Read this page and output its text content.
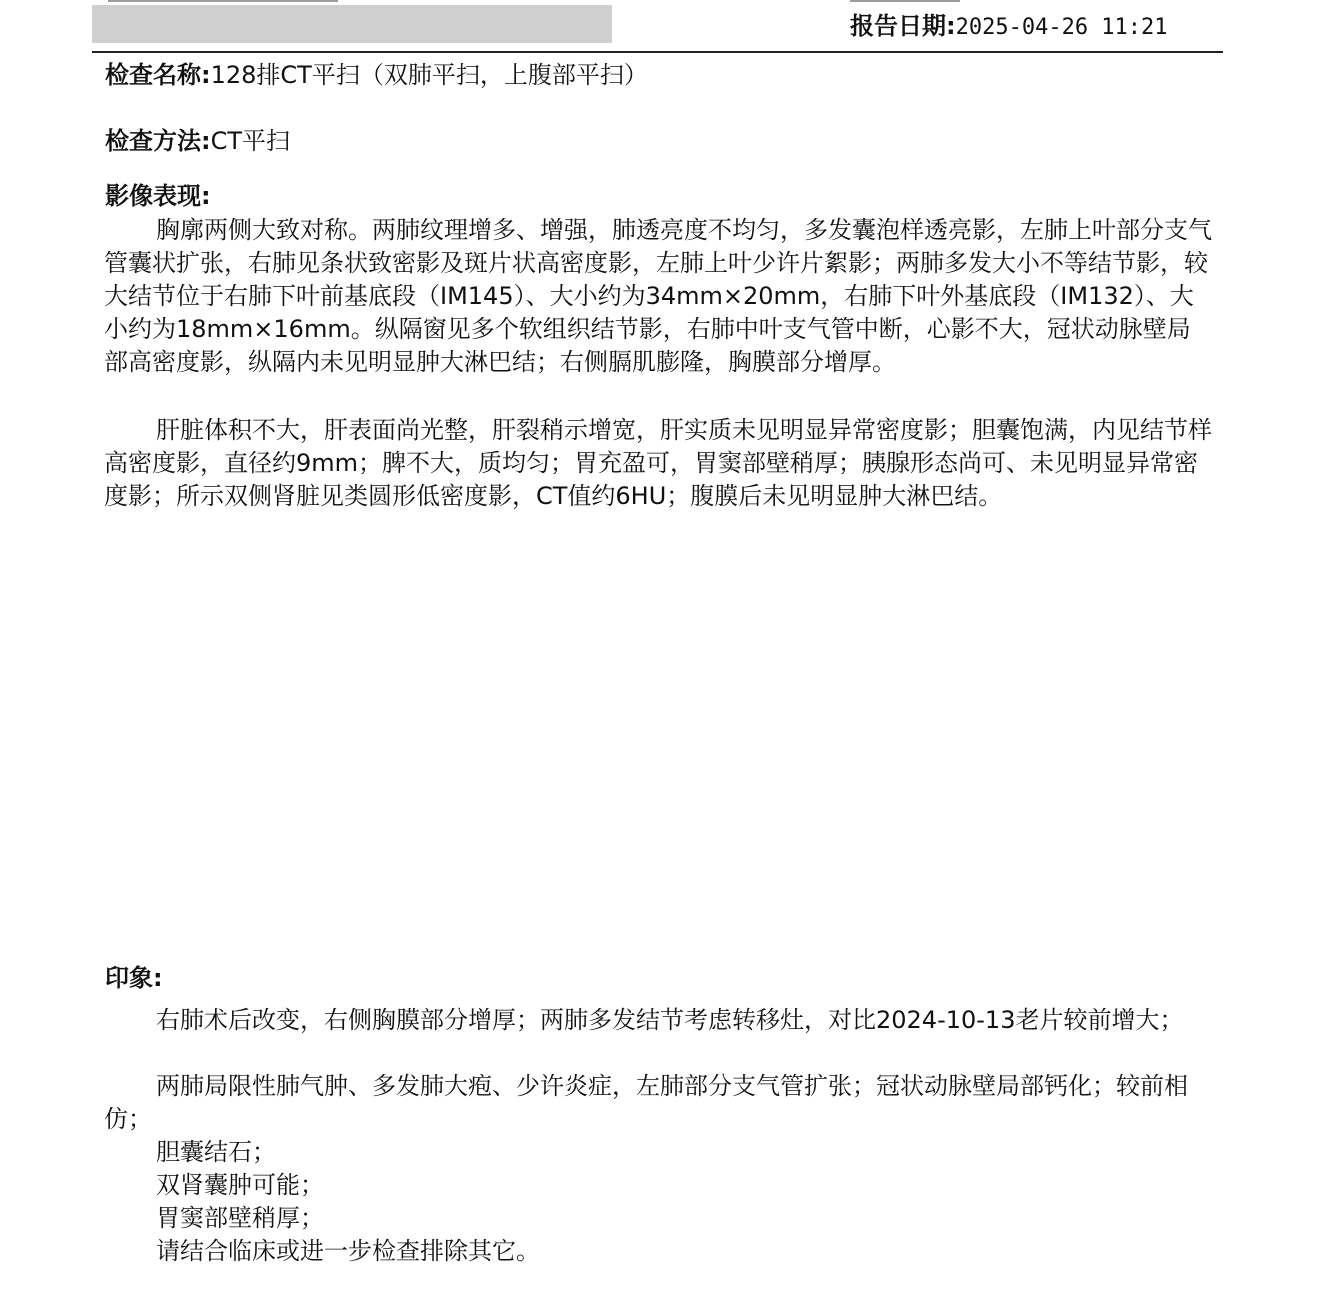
报告日期:2025-04-26 11:21
检查名称:128排CT平扫（双肺平扫，上腹部平扫）
检查方法:CT平扫
影像表现:

胸廓两侧大致对称。两肺纹理增多、增强，肺透亮度不均匀，多发囊泡样透亮影，左肺上叶部分支气管囊状扩张，右肺见条状致密影及斑片状高密度影，左肺上叶少许片絮影；两肺多发大小不等结节影，较大结节位于右肺下叶前基底段（IM145）、大小约为34mm×20mm，右肺下叶外基底段（IM132）、大小约为18mm×16mm。纵隔窗见多个软组织结节影，右肺中叶支气管中断，心影不大，冠状动脉壁局部高密度影，纵隔内未见明显肿大淋巴结；右侧膈肌膨隆，胸膜部分增厚。

肝脏体积不大，肝表面尚光整，肝裂稍示增宽，肝实质未见明显异常密度影；胆囊饱满，内见结节样高密度影，直径约9mm；脾不大，质均匀；胃充盈可，胃窦部壁稍厚；胰腺形态尚可、未见明显异常密度影；所示双侧肾脏见类圆形低密度影，CT值约6HU；腹膜后未见明显肿大淋巴结。

印象:

右肺术后改变，右侧胸膜部分增厚；两肺多发结节考虑转移灶，对比2024-10-13老片较前增大；

两肺局限性肺气肿、多发肺大疱、少许炎症，左肺部分支气管扩张；冠状动脉壁局部钙化；较前相仿；

胆囊结石；
双肾囊肿可能；
胃窦部壁稍厚；
请结合临床或进一步检查排除其它。
